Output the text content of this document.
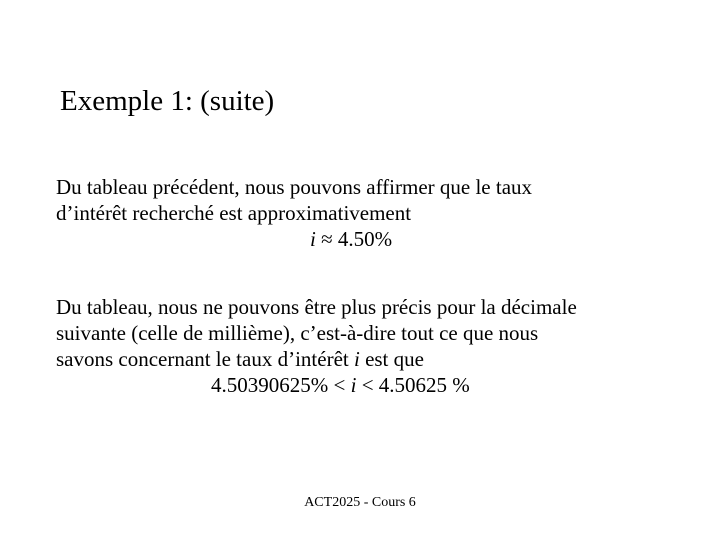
Exemple 1: (suite)
Du tableau précédent, nous pouvons affirmer que le taux
d’intérêt recherché est approximativement
i ≈ 4.50%
Du tableau, nous ne pouvons être plus précis pour la décimale
suivante (celle de millième), c’est-à-dire tout ce que nous
savons concernant le taux d’intérêt i est que
4.50390625% < i < 4.50625 %
ACT2025 - Cours 6
